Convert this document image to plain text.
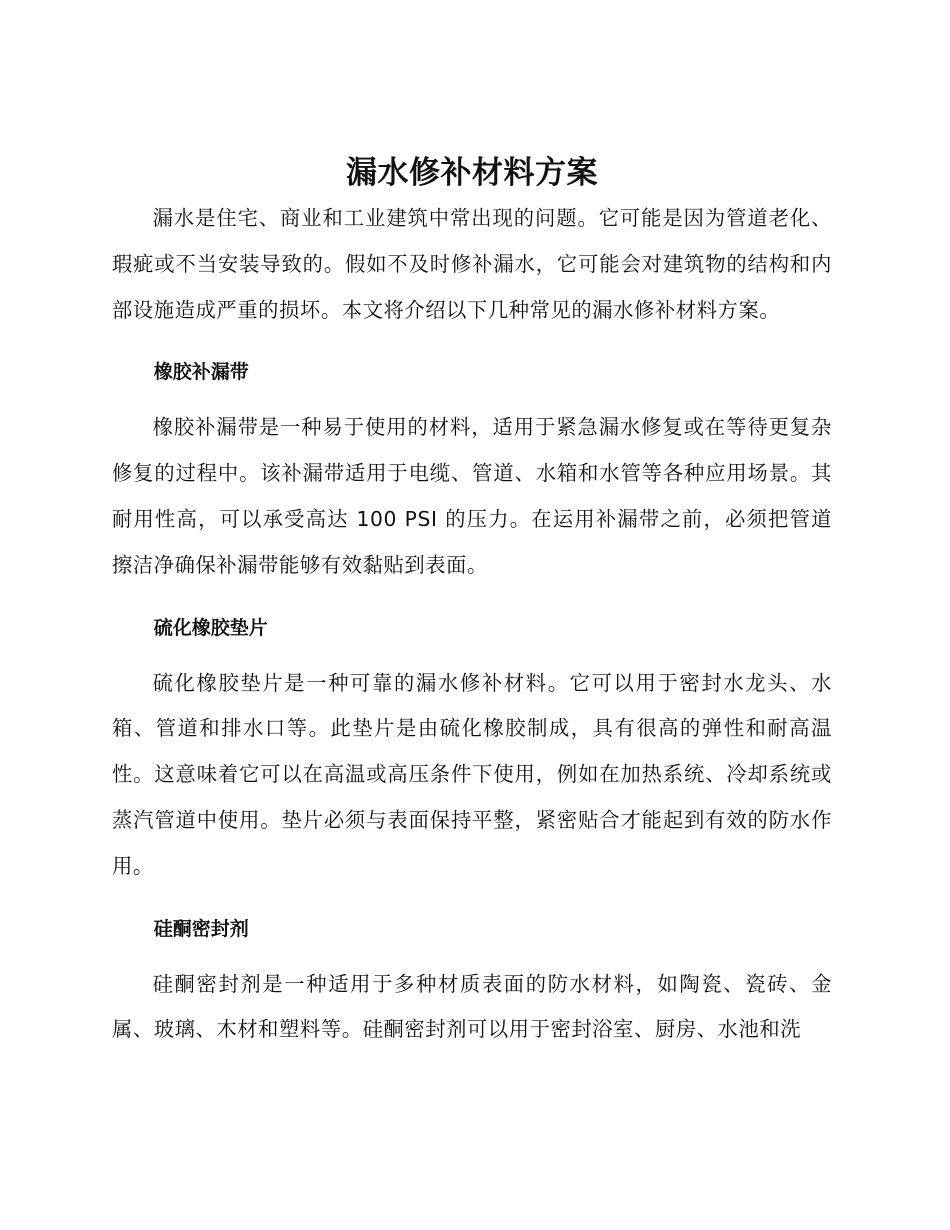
漏水修补材料方案

漏水是住宅、商业和工业建筑中常出现的问题。它可能是因为管道老化、瑕疵或不当安装导致的。假如不及时修补漏水，它可能会对建筑物的结构和内部设施造成严重的损坏。本文将介绍以下几种常见的漏水修补材料方案。

橡胶补漏带

橡胶补漏带是一种易于使用的材料，适用于紧急漏水修复或在等待更复杂修复的过程中。该补漏带适用于电缆、管道、水箱和水管等各种应用场景。其耐用性高，可以承受高达 100 PSI 的压力。在运用补漏带之前，必须把管道擦洁净确保补漏带能够有效黏贴到表面。

硫化橡胶垫片

硫化橡胶垫片是一种可靠的漏水修补材料。它可以用于密封水龙头、水箱、管道和排水口等。此垫片是由硫化橡胶制成，具有很高的弹性和耐高温性。这意味着它可以在高温或高压条件下使用，例如在加热系统、冷却系统或蒸汽管道中使用。垫片必须与表面保持平整，紧密贴合才能起到有效的防水作用。

硅酮密封剂

硅酮密封剂是一种适用于多种材质表面的防水材料，如陶瓷、瓷砖、金属、玻璃、木材和塑料等。硅酮密封剂可以用于密封浴室、厨房、水池和洗
